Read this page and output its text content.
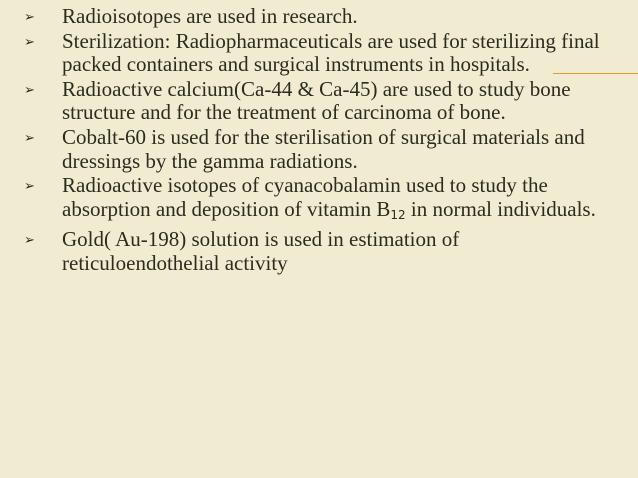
➢ Radioisotopes are used in research.
➢ Sterilization: Radiopharmaceuticals are used for sterilizing final packed containers and surgical instruments in hospitals.
➢ Radioactive calcium(Ca-44 & Ca-45) are used to study bone structure and for the treatment of carcinoma of bone.
➢ Cobalt-60 is used for the sterilisation of surgical materials and dressings by the gamma radiations.
➢ Radioactive isotopes of cyanacobalamin used to study the absorption and deposition of vitamin $B_{12}$ in normal individuals.
➢ Gold( Au-198) solution is used in estimation of reticuloendothelial activity
